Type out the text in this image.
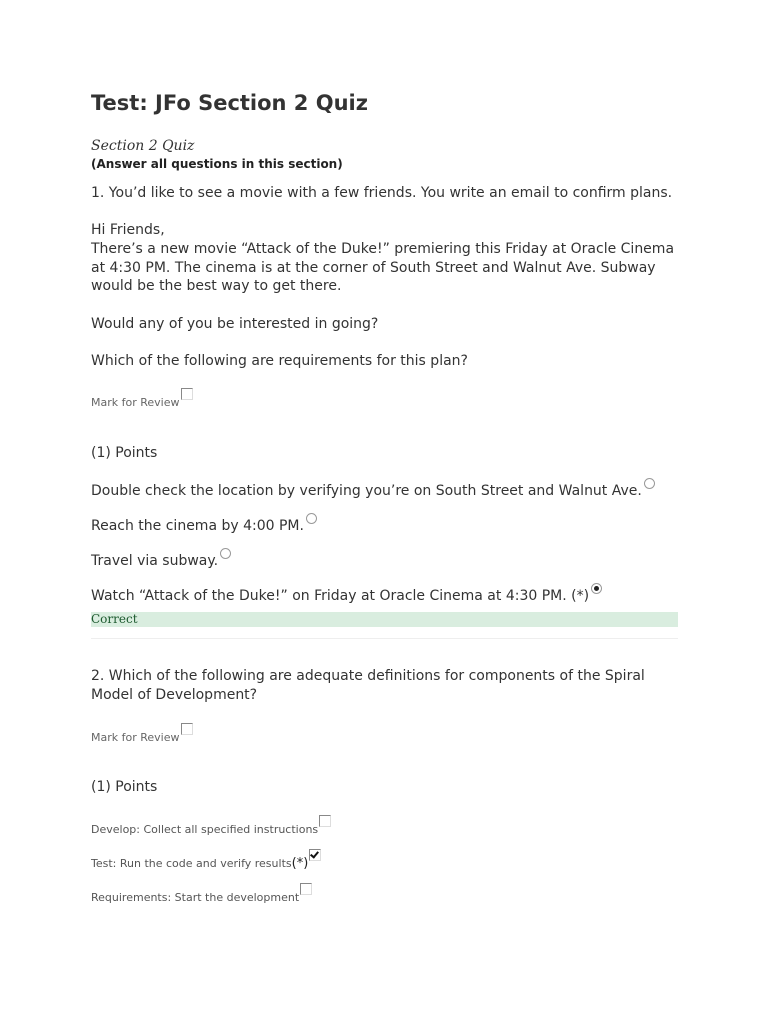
Test: JFo Section 2 Quiz
Section 2 Quiz
(Answer all questions in this section)
1. You’d like to see a movie with a few friends. You write an email to confirm plans.
Hi Friends,
There’s a new movie “Attack of the Duke!” premiering this Friday at Oracle Cinema at 4:30 PM. The cinema is at the corner of South Street and Walnut Ave. Subway would be the best way to get there.
Would any of you be interested in going?
Which of the following are requirements for this plan?
Mark for Review
(1) Points
Double check the location by verifying you’re on South Street and Walnut Ave.
Reach the cinema by 4:00 PM.
Travel via subway.
Watch “Attack of the Duke!” on Friday at Oracle Cinema at 4:30 PM. (*)
Correct
2. Which of the following are adequate definitions for components of the Spiral Model of Development?
Mark for Review
(1) Points
Develop: Collect all specified instructions
Test: Run the code and verify results(*)
Requirements: Start the development
